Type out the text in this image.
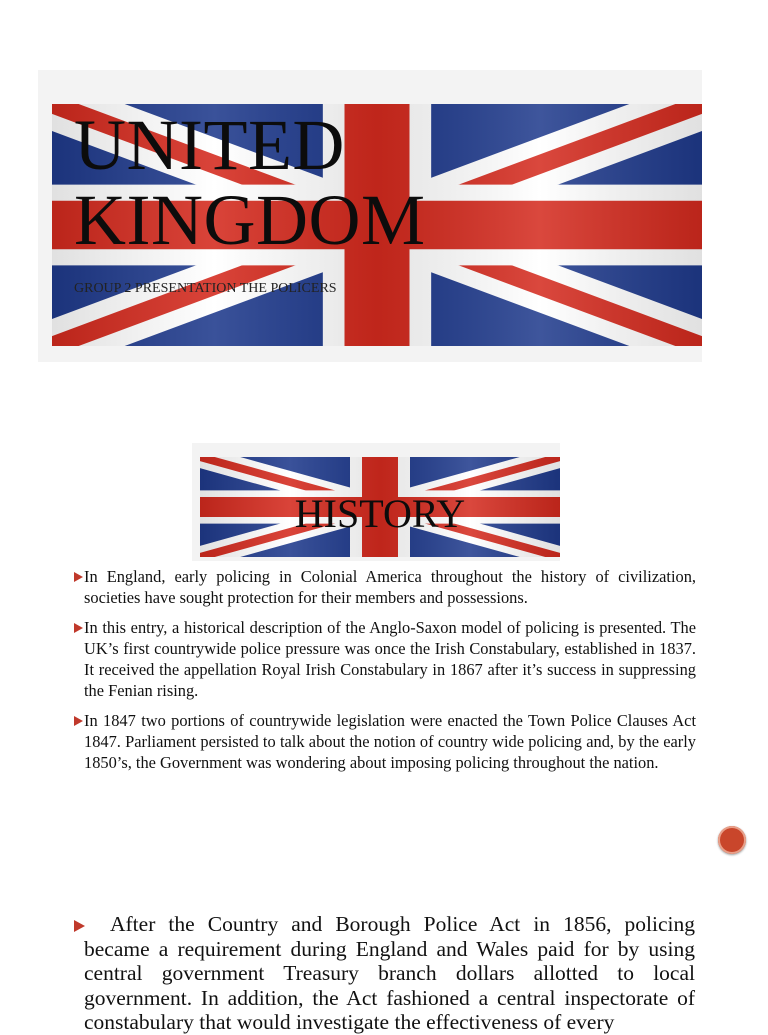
UNITED
KINGDOM

GROUP 2 PRESENTATION THE POLICERS

HISTORY

In England, early policing in Colonial America throughout the history of civilization, societies have sought protection for their members and possessions.

In this entry, a historical description of the Anglo-Saxon model of policing is presented. The UK’s first countrywide police pressure was once the Irish Constabulary, established in 1837. It received the appellation Royal Irish Constabulary in 1867 after it’s success in suppressing the Fenian rising.

In 1847 two portions of countrywide legislation were enacted the Town Police Clauses Act 1847. Parliament persisted to talk about the notion of country wide policing and, by the early 1850’s, the Government was wondering about imposing policing throughout the nation.

After the Country and Borough Police Act in 1856, policing became a requirement during England and Wales paid for by using central government Treasury branch dollars allotted to local government. In addition, the Act fashioned a central inspectorate of constabulary that would investigate the effectiveness of every
